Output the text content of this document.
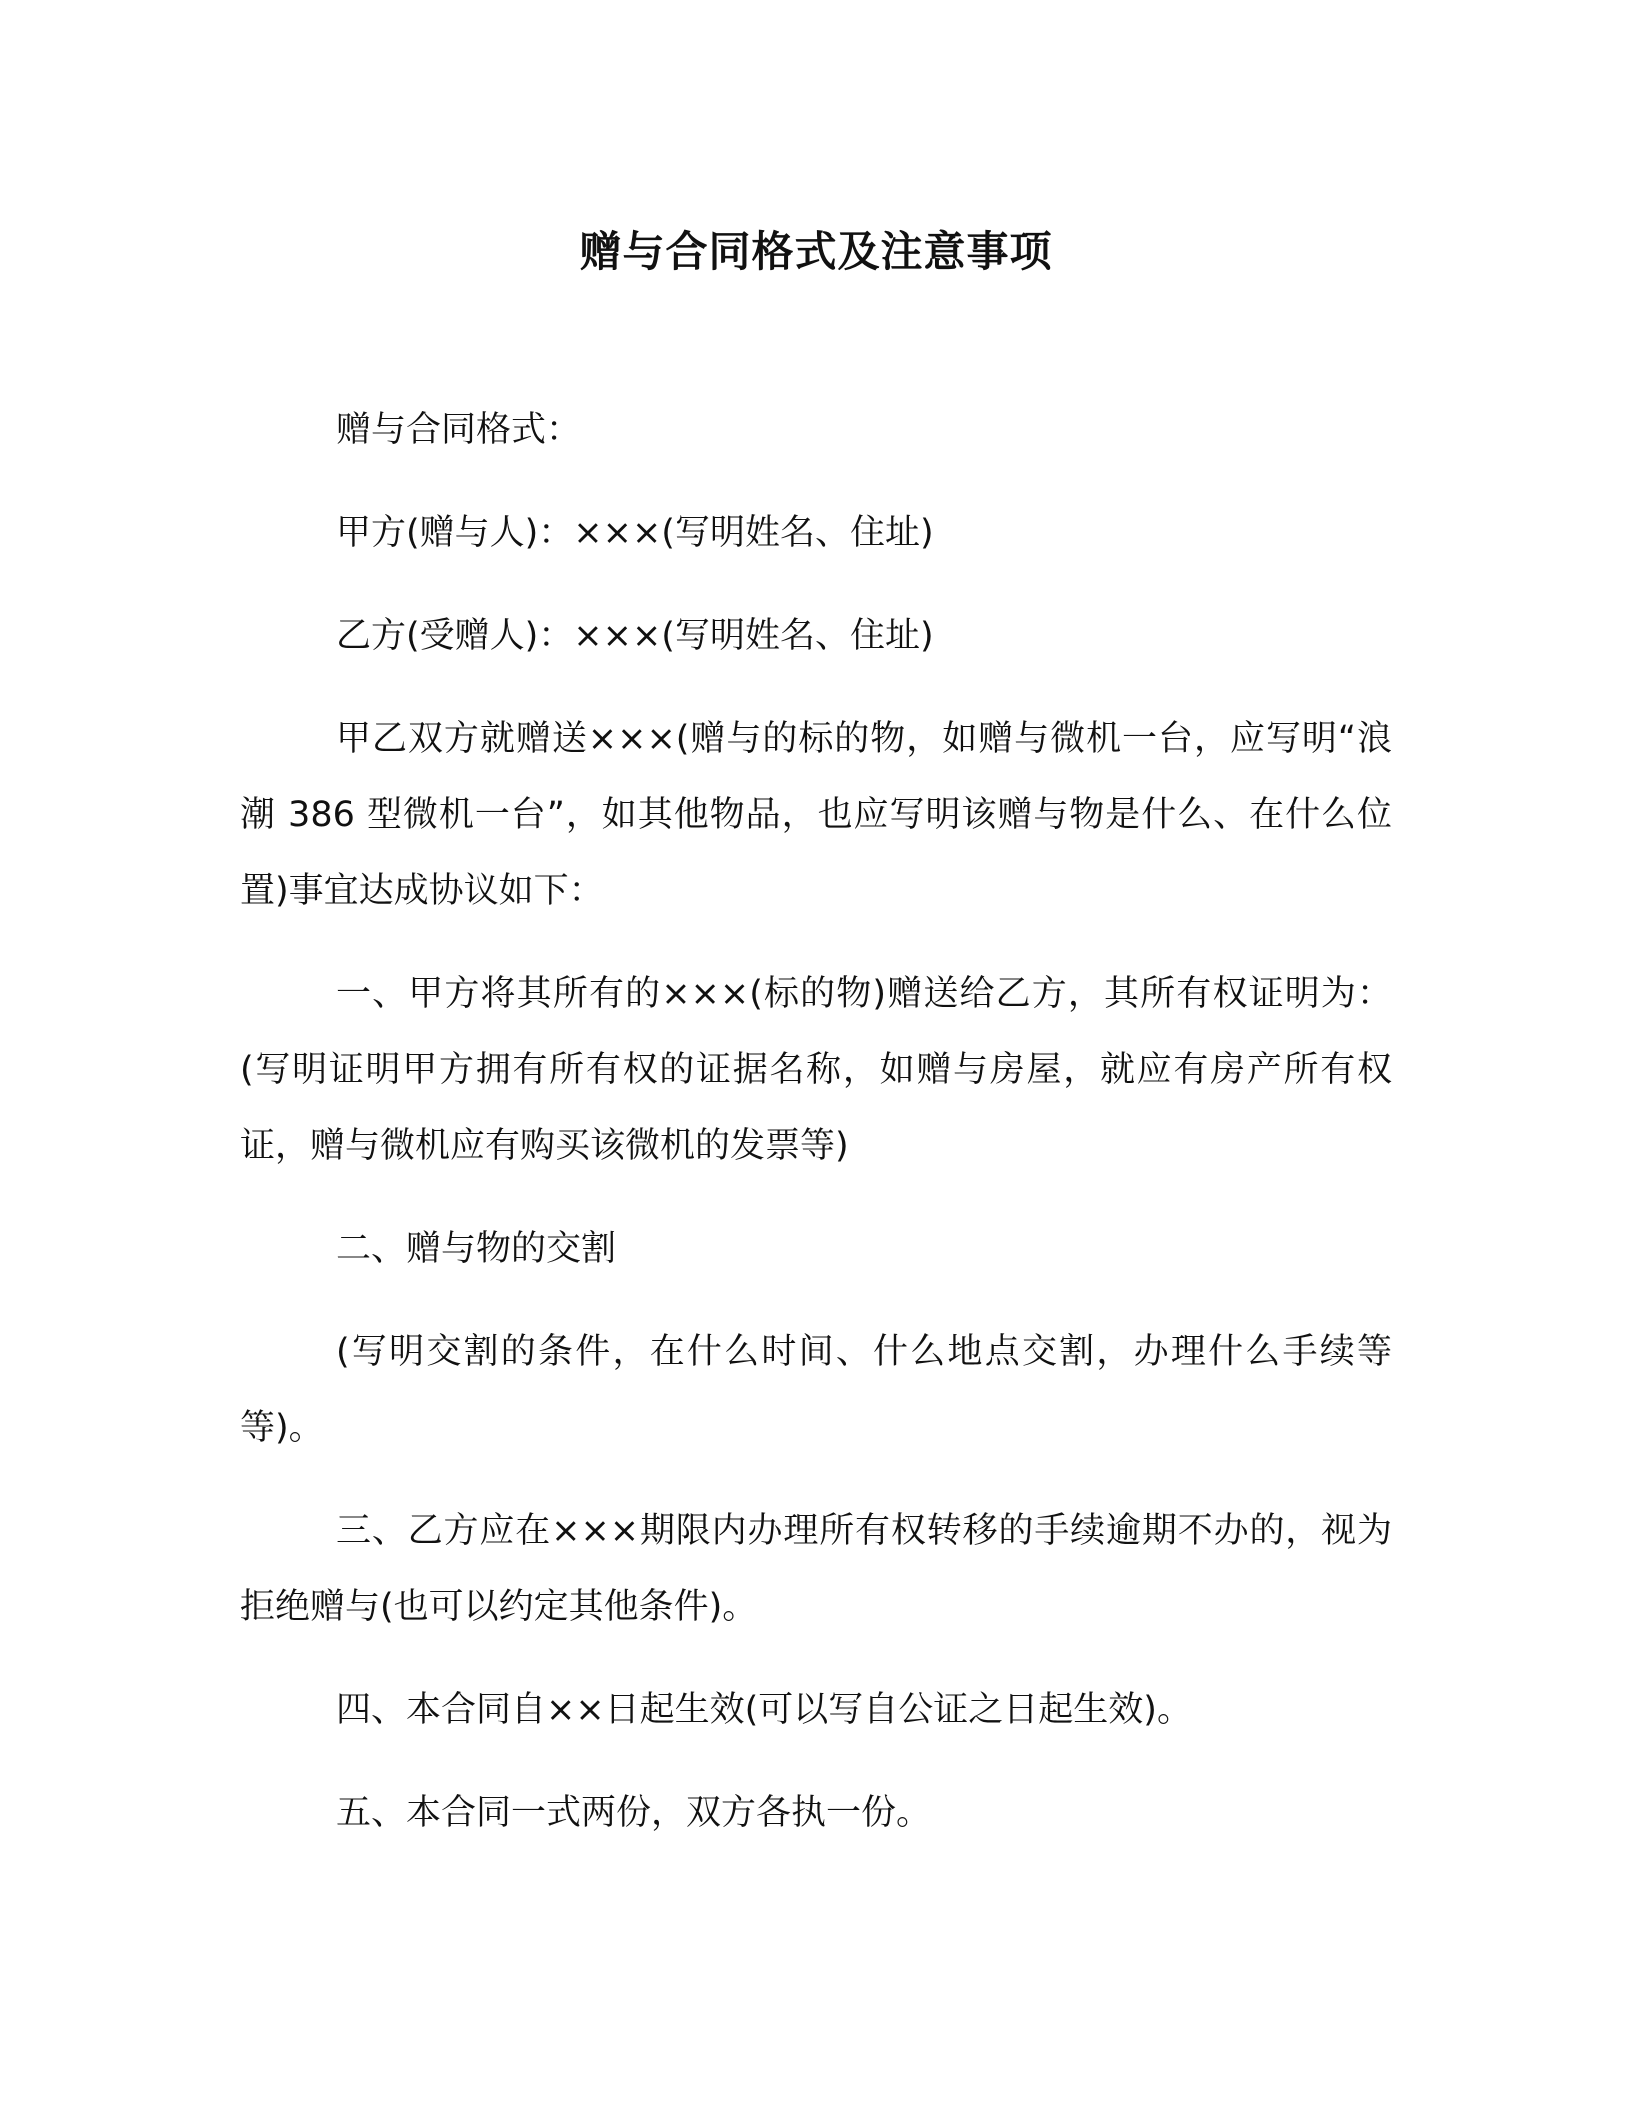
赠与合同格式及注意事项

赠与合同格式：

甲方(赠与人)：×××(写明姓名、住址)

乙方(受赠人)：×××(写明姓名、住址)

甲乙双方就赠送×××(赠与的标的物，如赠与微机一台，应写明“浪潮 386 型微机一台”，如其他物品，也应写明该赠与物是什么、在什么位置)事宜达成协议如下：

一、甲方将其所有的×××(标的物)赠送给乙方，其所有权证明为：(写明证明甲方拥有所有权的证据名称，如赠与房屋，就应有房产所有权证，赠与微机应有购买该微机的发票等)

二、赠与物的交割

(写明交割的条件，在什么时间、什么地点交割，办理什么手续等等)。

三、乙方应在×××期限内办理所有权转移的手续逾期不办的，视为拒绝赠与(也可以约定其他条件)。

四、本合同自××日起生效(可以写自公证之日起生效)。

五、本合同一式两份，双方各执一份。
